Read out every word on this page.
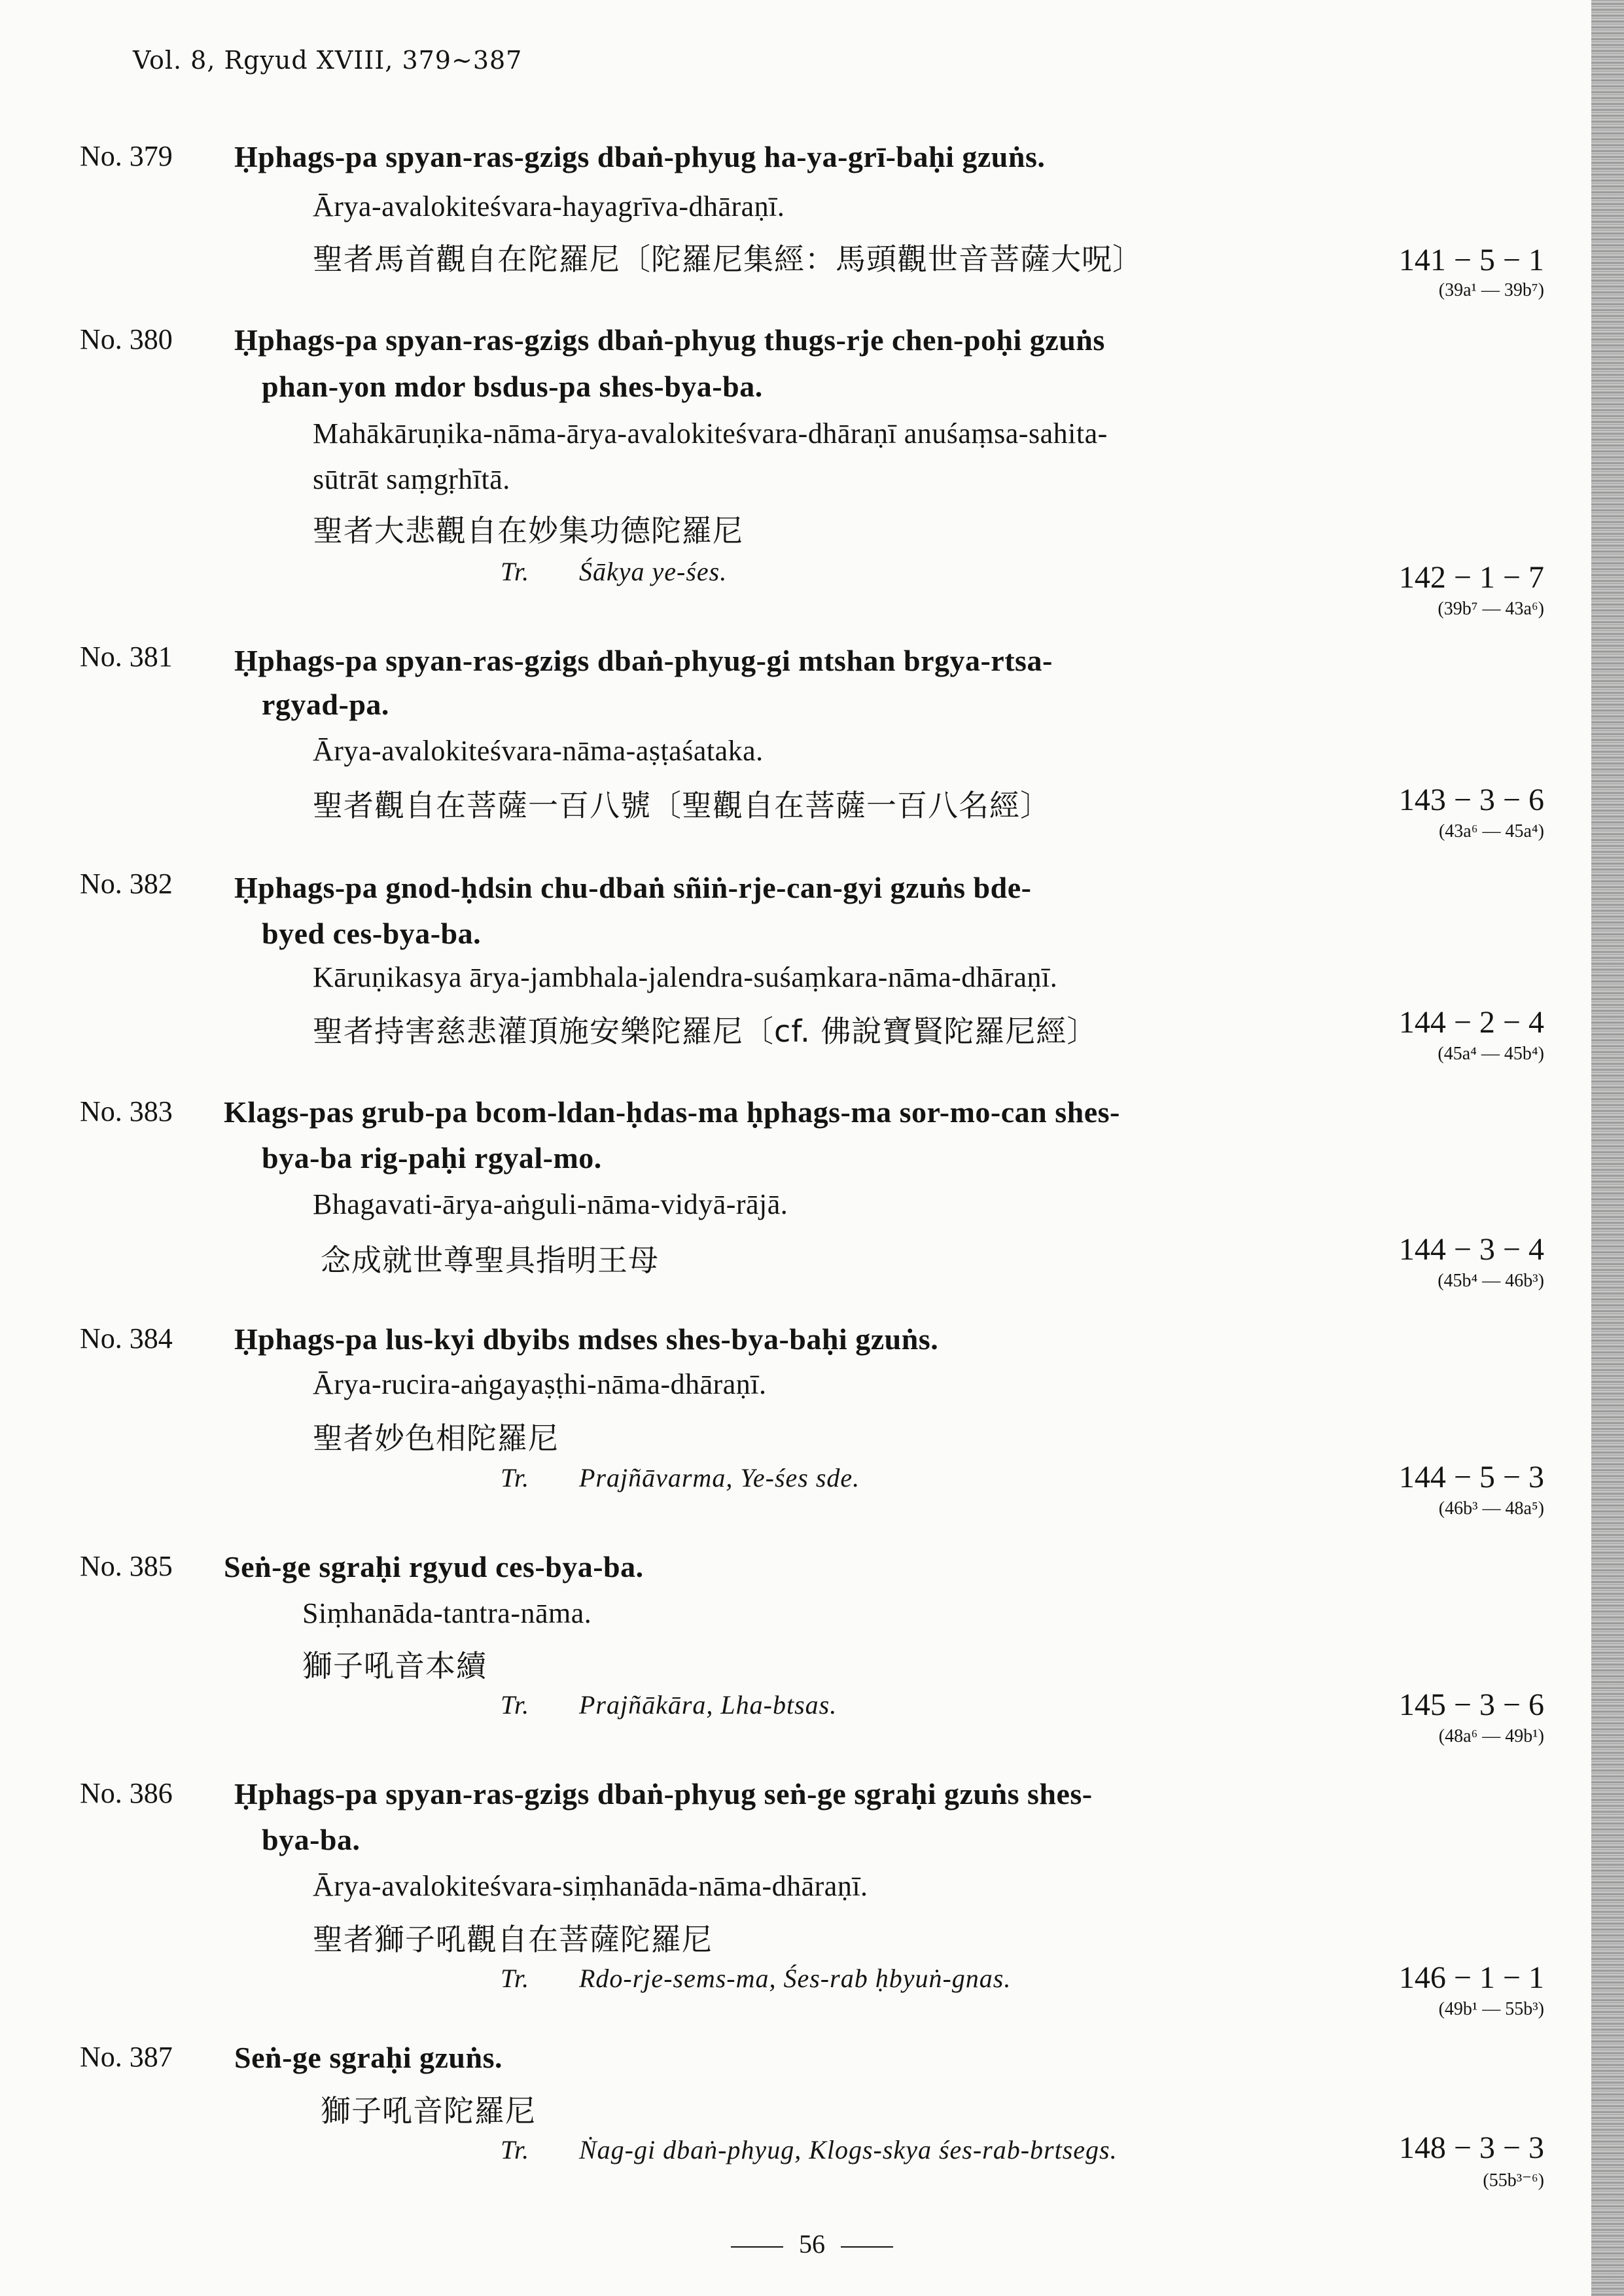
Vol. 8, Rgyud XVIII, 379∼387
No. 379 Ḥphags-pa spyan-ras-gzigs dbaṅ-phyug ha-ya-grī-baḥi gzuṅs.
Ārya-avalokiteśvara-hayagrīva-dhāraṇī.
聖者馬首觀自在陀羅尼〔陀羅尼集經：馬頭觀世音菩薩大呪〕	141 − 5 − 1
(39a¹ — 39b⁷)
No. 380 Ḥphags-pa spyan-ras-gzigs dbaṅ-phyug thugs-rje chen-poḥi gzuṅs
phan-yon mdor bsdus-pa shes-bya-ba.
Mahākāruṇika-nāma-ārya-avalokiteśvara-dhāraṇī anuśaṃsa-sahita-
sūtrāt saṃgṛhītā.
聖者大悲觀自在妙集功德陀羅尼
Tr. Śākya ye-śes.	142 − 1 − 7
(39b⁷ — 43a⁶)
No. 381 Ḥphags-pa spyan-ras-gzigs dbaṅ-phyug-gi mtshan brgya-rtsa-
rgyad-pa.
Ārya-avalokiteśvara-nāma-aṣṭaśataka.
聖者觀自在菩薩一百八號〔聖觀自在菩薩一百八名經〕	143 − 3 − 6
(43a⁶ — 45a⁴)
No. 382 Ḥphags-pa gnod-ḥdsin chu-dbaṅ sñiṅ-rje-can-gyi gzuṅs bde-
byed ces-bya-ba.
Kāruṇikasya ārya-jambhala-jalendra-suśaṃkara-nāma-dhāraṇī.
聖者持害慈悲灌頂施安樂陀羅尼〔cf. 佛說寶賢陀羅尼經〕	144 − 2 − 4
(45a⁴ — 45b⁴)
No. 383 Klags-pas grub-pa bcom-ldan-ḥdas-ma ḥphags-ma sor-mo-can shes-
bya-ba rig-paḥi rgyal-mo.
Bhagavati-ārya-aṅguli-nāma-vidyā-rājā.
念成就世尊聖具指明王母	144 − 3 − 4
(45b⁴ — 46b³)
No. 384 Ḥphags-pa lus-kyi dbyibs mdses shes-bya-baḥi gzuṅs.
Ārya-rucira-aṅgayaṣṭhi-nāma-dhāraṇī.
聖者妙色相陀羅尼
Tr. Prajñāvarma, Ye-śes sde.	144 − 5 − 3
(46b³ — 48a⁵)
No. 385 Seṅ-ge sgraḥi rgyud ces-bya-ba.
Siṃhanāda-tantra-nāma.
獅子吼音本續
Tr. Prajñākāra, Lha-btsas.	145 − 3 − 6
(48a⁶ — 49b¹)
No. 386 Ḥphags-pa spyan-ras-gzigs dbaṅ-phyug seṅ-ge sgraḥi gzuṅs shes-
bya-ba.
Ārya-avalokiteśvara-siṃhanāda-nāma-dhāraṇī.
聖者獅子吼觀自在菩薩陀羅尼
Tr. Rdo-rje-sems-ma, Śes-rab ḥbyuṅ-gnas.	146 − 1 − 1
(49b¹ — 55b³)
No. 387 Seṅ-ge sgraḥi gzuṅs.
獅子吼音陀羅尼
Tr. Ṅag-gi dbaṅ-phyug, Klogs-skya śes-rab-brtsegs.	148 − 3 − 3
(55b³⁻⁶)
56
